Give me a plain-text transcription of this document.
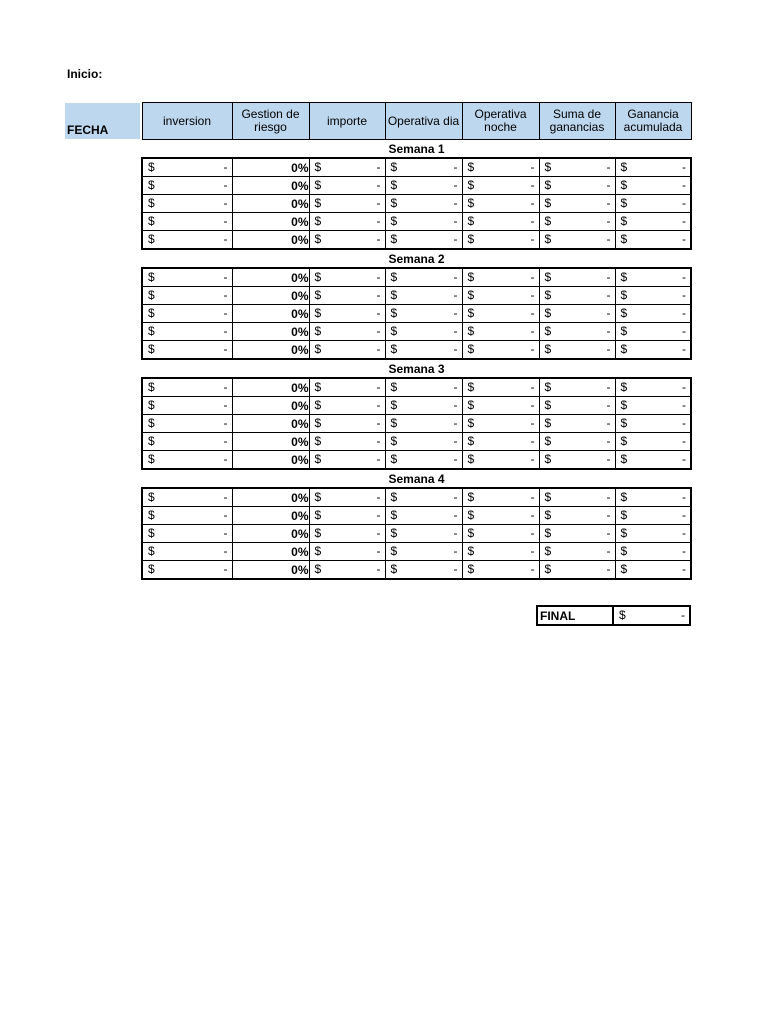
Inicio:
FECHA
inversion	Gestion de riesgo	importe	Operativa dia	Operativa noche	Suma de ganancias	Ganancia acumulada
Semana 1						

$ -	0%	$ -	$ -	$ -	$ -	$ -

$ -	0%	$ -	$ -	$ -	$ -	$ -

$ -	0%	$ -	$ -	$ -	$ -	$ -

$ -	0%	$ -	$ -	$ -	$ -	$ -

$ -	0%	$ -	$ -	$ -	$ -	$ -

Semana 2						

$ -	0%	$ -	$ -	$ -	$ -	$ -

$ -	0%	$ -	$ -	$ -	$ -	$ -

$ -	0%	$ -	$ -	$ -	$ -	$ -

$ -	0%	$ -	$ -	$ -	$ -	$ -

$ -	0%	$ -	$ -	$ -	$ -	$ -

Semana 3						

$ -	0%	$ -	$ -	$ -	$ -	$ -

$ -	0%	$ -	$ -	$ -	$ -	$ -

$ -	0%	$ -	$ -	$ -	$ -	$ -

$ -	0%	$ -	$ -	$ -	$ -	$ -

$ -	0%	$ -	$ -	$ -	$ -	$ -

Semana 4						

$ -	0%	$ -	$ -	$ -	$ -	$ -

$ -	0%	$ -	$ -	$ -	$ -	$ -

$ -	0%	$ -	$ -	$ -	$ -	$ -

$ -	0%	$ -	$ -	$ -	$ -	$ -

$ -	0%	$ -	$ -	$ -	$ -	$ -
FINAL	$	-
